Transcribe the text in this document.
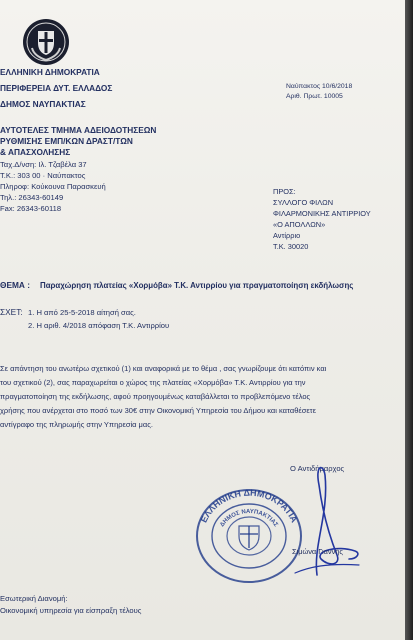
ΕΛΛΗΝΙΚΗ ΔΗΜΟΚΡΑΤΙΑ
ΠΕΡΙΦΕΡΕΙΑ ΔΥΤ. ΕΛΛΑΔΟΣ
ΔΗΜΟΣ ΝΑΥΠΑΚΤΙΑΣ
ΑΥΤΟΤΕΛΕΣ ΤΜΗΜΑ ΑΔΕΙΟΔΟΤΗΣΕΩΝ
ΡΥΘΜΙΣΗΣ ΕΜΠ/ΚΩΝ ΔΡΑΣΤ/ΤΩΝ
& ΑΠΑΣΧΟΛΗΣΗΣ
Ταχ.Δ/νση: Ιλ. Τζαβέλα 37
Τ.Κ.: 303 00 · Ναύπακτος
Πληροφ: Κούκουνα Παρασκευή
Τηλ.: 26343-60149
Fax: 26343-60118
Ναύπακτος 10/6/2018
Αριθ. Πρωτ. 10005
ΠΡΟΣ:
ΣΥΛΛΟΓΟ ΦΙΛΩΝ
ΦΙΛΑΡΜΟΝΙΚΗΣ ΑΝΤΙΡΡΙΟΥ
«Ο ΑΠΟΛΛΩΝ»
Αντίρριο
Τ.Κ. 30020
ΘΕΜΑ : Παραχώρηση πλατείας «Χορμόβα» Τ.Κ. Αντιρρίου για πραγματοποίηση εκδήλωσης
ΣΧΕΤ: 1. Η από 25-5-2018 αίτησή σας.
2. Η αριθ. 4/2018 απόφαση Τ.Κ. Αντιρρίου
Σε απάντηση του ανωτέρω σχετικού (1) και αναφορικά με το θέμα , σας γνωρίζουμε ότι κατόπιν και
του σχετικού (2), σας παραχωρείται ο χώρος της πλατείας «Χορμόβα» Τ.Κ. Αντιρρίου για την
πραγματοποίηση της εκδήλωσης, αφού προηγουμένως καταβάλλεται το προβλεπόμενο τέλος
χρήσης που ανέρχεται στο ποσό των 30€ στην Οικονομική Υπηρεσία του Δήμου και καταθέσετε
αντίγραφο της πληρωμής στην Υπηρεσία μας.
Ο Αντιδήμαρχος
ΕΛΛΗΝΙΚΗ ΔΗΜΟΚΡΑΤΙΑ
ΔΗΜΟΣ ΝΑΥΠΑΚΤΙΑΣ
Σιμώνα Γιαννής
Εσωτερική Διανομή:
Οικονομική υπηρεσία για είσπραξη τέλους
